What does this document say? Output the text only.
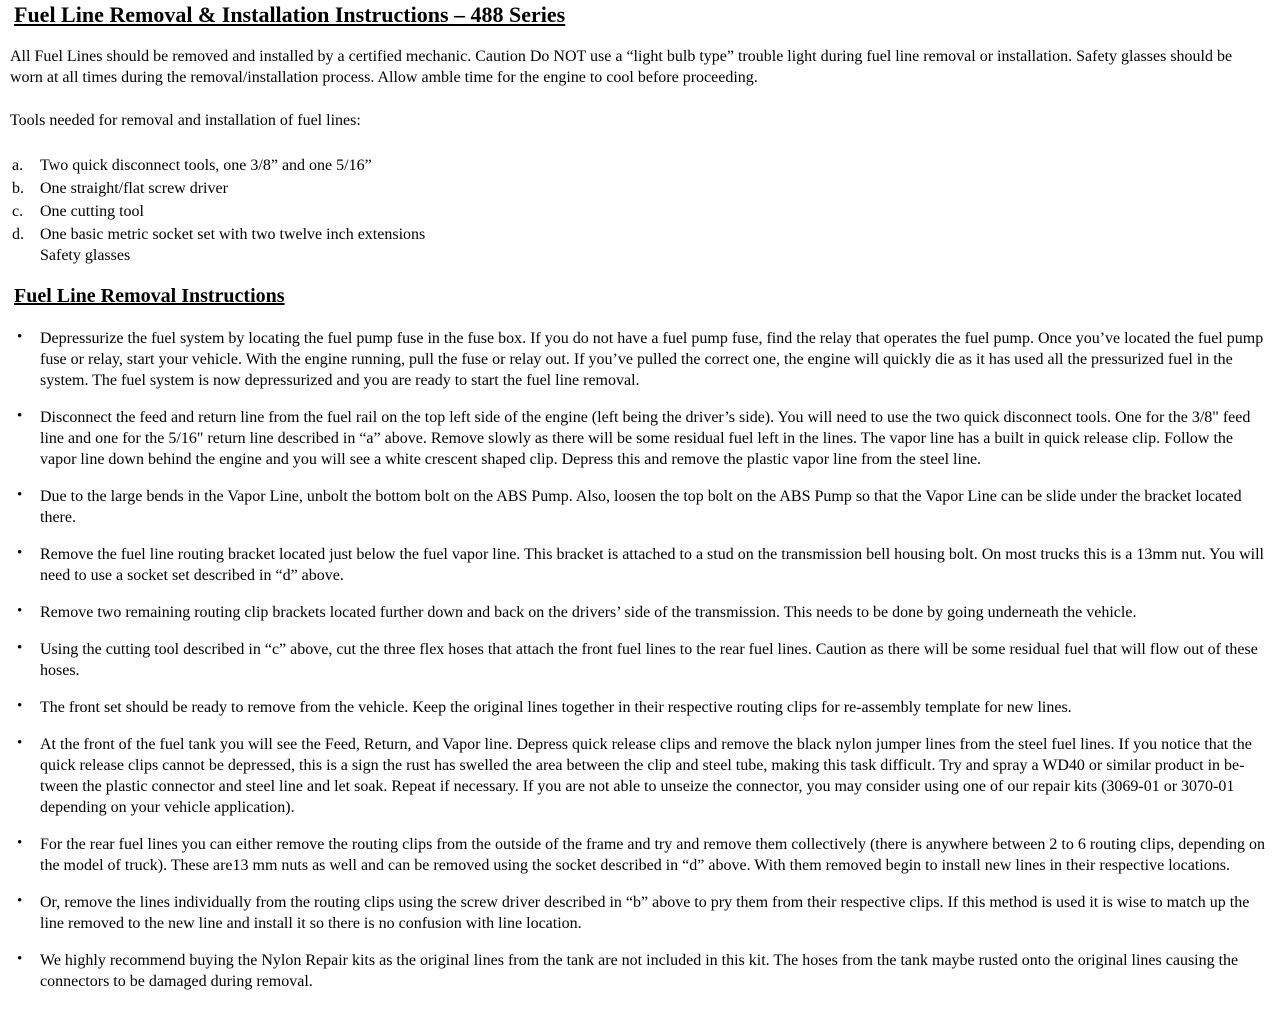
Fuel Line Removal & Installation Instructions – 488 Series

All Fuel Lines should be removed and installed by a certified mechanic. Caution Do NOT use a “light bulb type” trouble light during fuel line removal or installation. Safety glasses should be worn at all times during the removal/installation process. Allow amble time for the engine to cool before proceeding.

Tools needed for removal and installation of fuel lines:

a. Two quick disconnect tools, one 3/8” and one 5/16”
b. One straight/flat screw driver
c. One cutting tool
d. One basic metric socket set with two twelve inch extensions
Safety glasses
Fuel Line Removal Instructions
• Depressurize the fuel system by locating the fuel pump fuse in the fuse box. If you do not have a fuel pump fuse, find the relay that operates the fuel pump. Once you’ve located the fuel pump fuse or relay, start your vehicle. With the engine running, pull the fuse or relay out. If you’ve pulled the correct one, the engine will quickly die as it has used all the pressurized fuel in the system. The fuel system is now depressurized and you are ready to start the fuel line removal.
• Disconnect the feed and return line from the fuel rail on the top left side of the engine (left being the driver’s side). You will need to use the two quick disconnect tools. One for the 3/8" feed line and one for the 5/16" return line described in “a” above. Remove slowly as there will be some residual fuel left in the lines. The vapor line has a built in quick release clip. Follow the vapor line down behind the engine and you will see a white crescent shaped clip. Depress this and remove the plastic vapor line from the steel line.
• Due to the large bends in the Vapor Line, unbolt the bottom bolt on the ABS Pump. Also, loosen the top bolt on the ABS Pump so that the Vapor Line can be slide under the bracket located there.
• Remove the fuel line routing bracket located just below the fuel vapor line. This bracket is attached to a stud on the transmission bell housing bolt. On most trucks this is a 13mm nut. You will need to use a socket set described in “d” above.
• Remove two remaining routing clip brackets located further down and back on the drivers’ side of the transmission. This needs to be done by going underneath the vehicle.
• Using the cutting tool described in “c” above, cut the three flex hoses that attach the front fuel lines to the rear fuel lines. Caution as there will be some residual fuel that will flow out of these hoses.
• The front set should be ready to remove from the vehicle. Keep the original lines together in their respective routing clips for re-assembly template for new lines.
• At the front of the fuel tank you will see the Feed, Return, and Vapor line. Depress quick release clips and remove the black nylon jumper lines from the steel fuel lines. If you notice that the quick release clips cannot be depressed, this is a sign the rust has swelled the area between the clip and steel tube, making this task difficult. Try and spray a WD40 or similar product in be-tween the plastic connector and steel line and let soak. Repeat if necessary. If you are not able to unseize the connector, you may consider using one of our repair kits (3069-01 or 3070-01 depending on your vehicle application).
• For the rear fuel lines you can either remove the routing clips from the outside of the frame and try and remove them collectively (there is anywhere between 2 to 6 routing clips, depending on the model of truck). These are13 mm nuts as well and can be removed using the socket described in “d” above. With them removed begin to install new lines in their respective locations.
• Or, remove the lines individually from the routing clips using the screw driver described in “b” above to pry them from their respective clips. If this method is used it is wise to match up the line removed to the new line and install it so there is no confusion with line location.
• We highly recommend buying the Nylon Repair kits as the original lines from the tank are not included in this kit. The hoses from the tank maybe rusted onto the original lines causing the connectors to be damaged during removal.
